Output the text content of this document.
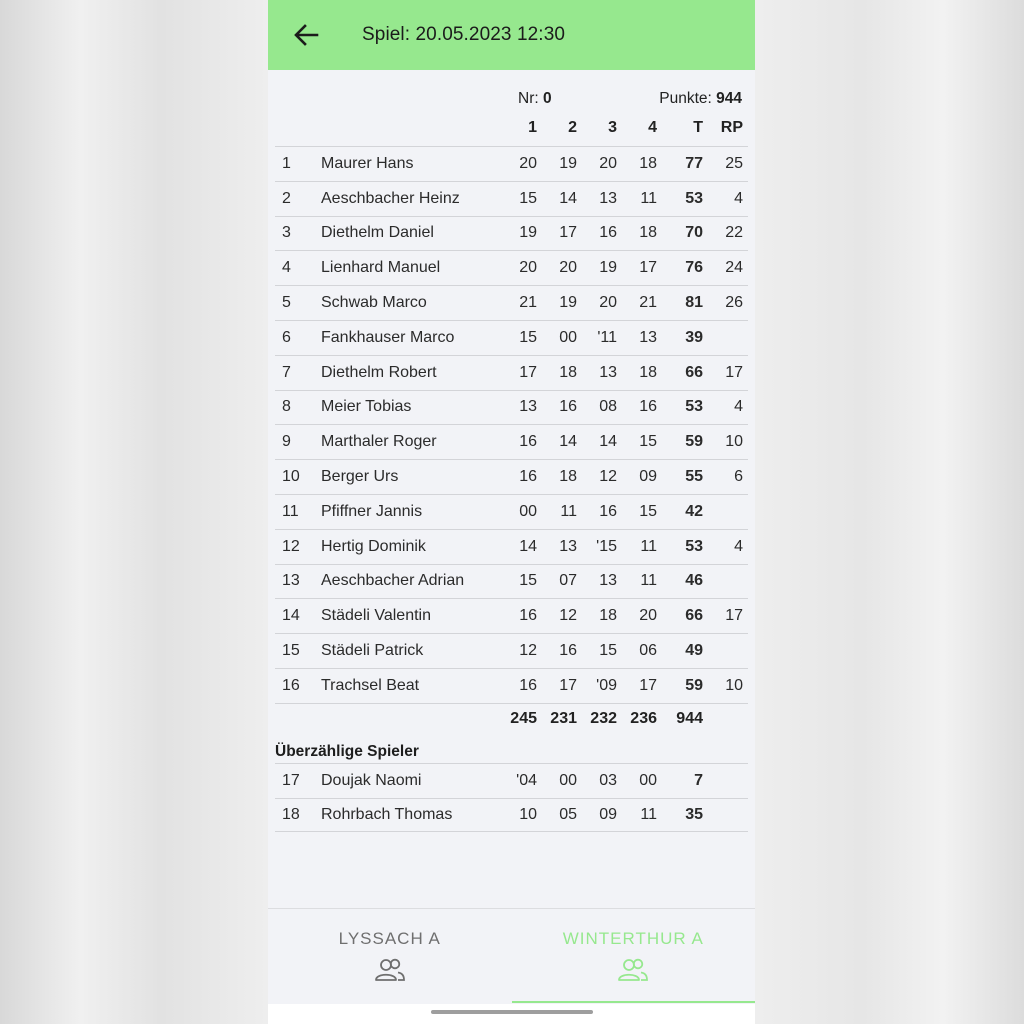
Spiel: 20.05.2023 12:30
Nr: 0	Punkte: 944
1	2	3	4	T	RP
1	Maurer Hans	20	19	20	18	77	25
2	Aeschbacher Heinz	15	14	13	11	53	4
3	Diethelm Daniel	19	17	16	18	70	22
4	Lienhard Manuel	20	20	19	17	76	24
5	Schwab Marco	21	19	20	21	81	26
6	Fankhauser Marco	15	00	'11	13	39
7	Diethelm Robert	17	18	13	18	66	17
8	Meier Tobias	13	16	08	16	53	4
9	Marthaler Roger	16	14	14	15	59	10
10	Berger Urs	16	18	12	09	55	6
11	Pfiffner Jannis	00	11	16	15	42
12	Hertig Dominik	14	13	'15	11	53	4
13	Aeschbacher Adrian	15	07	13	11	46
14	Städeli Valentin	16	12	18	20	66	17
15	Städeli Patrick	12	16	15	06	49
16	Trachsel Beat	16	17	'09	17	59	10
245 231 232 236	944
Überzählige Spieler
17	Doujak Naomi	'04	00	03	00	7
18	Rohrbach Thomas	10	05	09	11	35
LYSSACH A	WINTERTHUR A
